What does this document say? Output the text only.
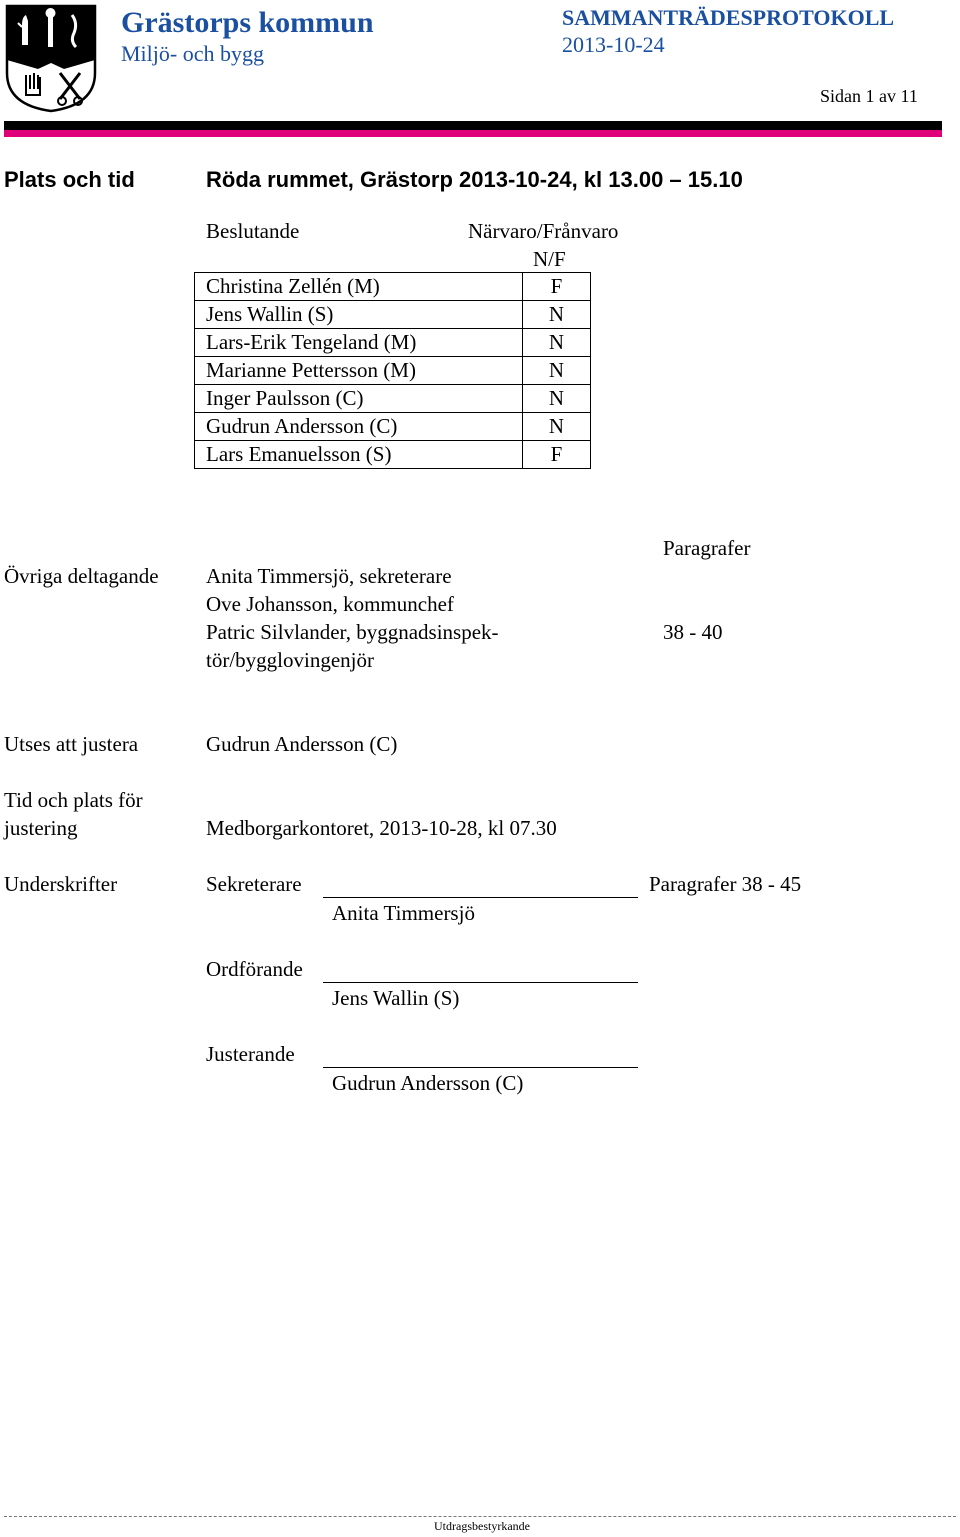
Grästorps kommun
Miljö- och bygg
SAMMANTRÄDESPROTOKOLL
2013-10-24
Sidan 1 av 11
Plats och tid	Röda rummet, Grästorp 2013-10-24, kl 13.00 – 15.10
Beslutande	Närvaro/Frånvaro
N/F
Christina Zellén (M)	F
Jens Wallin (S)	N
Lars-Erik Tengeland (M)	N
Marianne Pettersson (M)	N
Inger Paulsson (C)	N
Gudrun Andersson (C)	N
Lars Emanuelsson (S)	F
Paragrafer
Övriga deltagande Anita Timmersjö, sekreterare
Ove Johansson, kommunchef
Patric Silvlander, byggnadsinspek-	38 - 40
tör/bygglovingenjör
Utses att justera	Gudrun Andersson (C)
Tid och plats för
justering	Medborgarkontoret, 2013-10-28, kl 07.30
Underskrifter	Sekreterare	Paragrafer 38 - 45
Anita Timmersjö
Ordförande
Jens Wallin (S)
Justerande
Gudrun Andersson (C)
Utdragsbestyrkande
